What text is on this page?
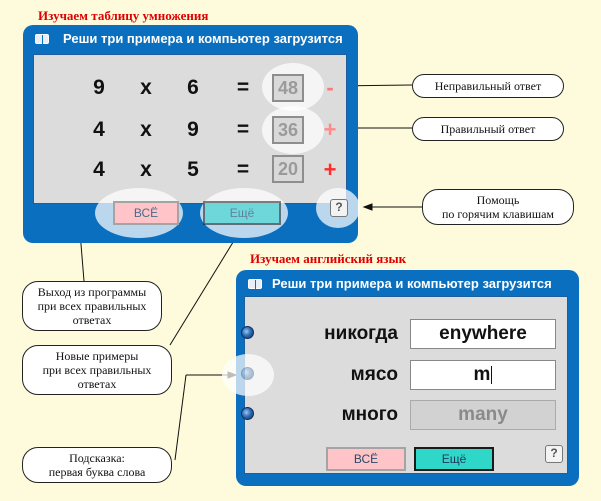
Изучаем таблицу умножения
Изучаем английский язык
Реши три примера и компьютер загрузится
ВСЁ	Ещё
9	x	6	=	48 -
4	x	9	=	36 +
4	x	5	=	20 +
?
Реши три примера и компьютер загрузится
никогда	enywhere
мясо	m
много	many
ВСЁ	Ещё	?
Неправильный ответ
Правильный ответ
Помощь
по горячим клавишам
Выход из программы
при всех правильных
ответах
Новые примеры
при всех правильных
ответах
Подсказка:
первая буква слова
